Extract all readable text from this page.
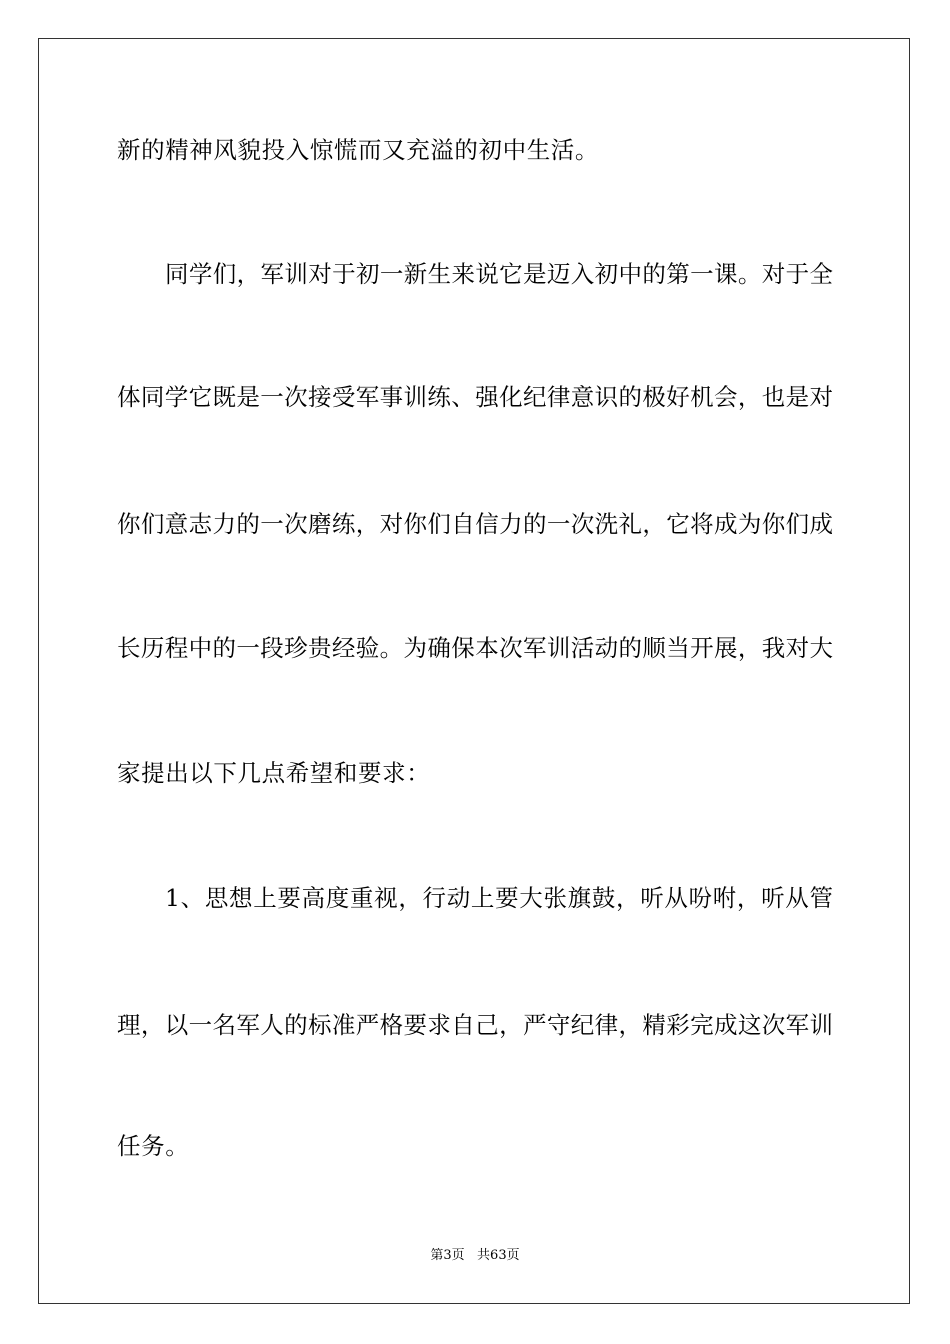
新的精神风貌投入惊慌而又充溢的初中生活。
同学们，军训对于初一新生来说它是迈入初中的第一课。对于全
体同学它既是一次接受军事训练、强化纪律意识的极好机会，也是对
你们意志力的一次磨练，对你们自信力的一次洗礼，它将成为你们成
长历程中的一段珍贵经验。为确保本次军训活动的顺当开展，我对大
家提出以下几点希望和要求：
1、思想上要高度重视，行动上要大张旗鼓，听从吩咐，听从管
理，以一名军人的标准严格要求自己，严守纪律，精彩完成这次军训
任务。
第3页   共63页
